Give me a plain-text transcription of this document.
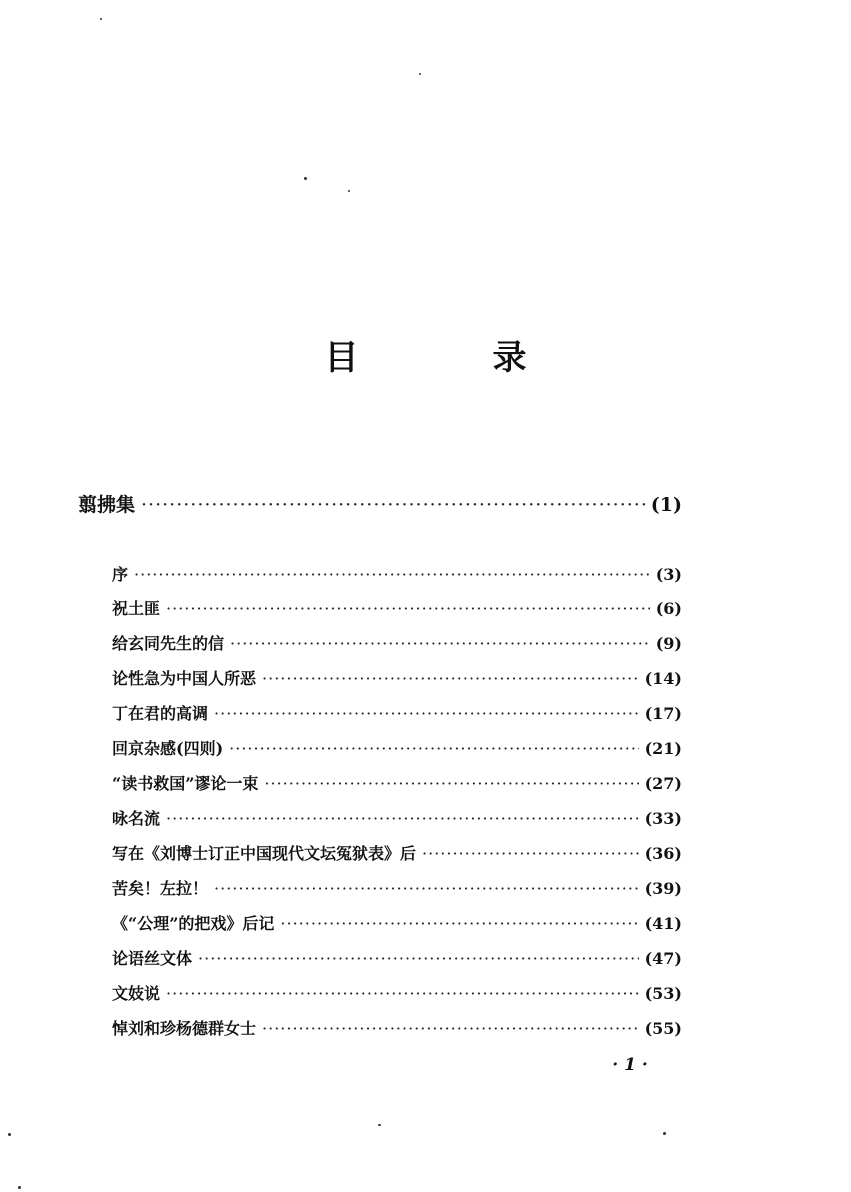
目　录
翦拂集 ·····	(1)
序 ·····	(3)
祝土匪 ·····	(6)
给玄同先生的信 ·····	(9)
论性急为中国人所恶 ·····	(14)
丁在君的高调 ·····	(17)
回京杂感(四则) ·····	(21)
“读书救国”谬论一束 ·····	(27)
咏名流 ·····	(33)
写在《刘博士订正中国现代文坛冤狱表》后 ·····	(36)
苦矣！左拉！ ·····	(39)
《“公理”的把戏》后记 ·····	(41)
论语丝文体 ·····	(47)
文妓说 ·····	(53)
悼刘和珍杨德群女士 ·····	(55)
· 1 ·
